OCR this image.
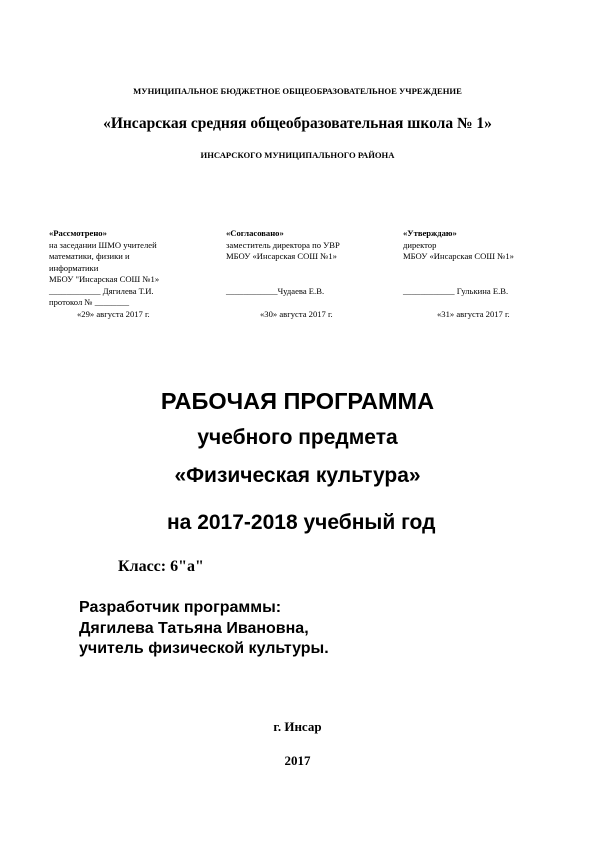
МУНИЦИПАЛЬНОЕ БЮДЖЕТНОЕ ОБЩЕОБРАЗОВАТЕЛЬНОЕ УЧРЕЖДЕНИЕ
«Инсарская средняя общеобразовательная школа № 1»
ИНСАРСКОГО МУНИЦИПАЛЬНОГО РАЙОНА
«Рассмотрено»
на заседании ШМО учителей
математики, физики и
информатики
МБОУ "Инсарская СОШ №1»
____________ Дягилева Т.И.
протокол № ________
«29» августа 2017 г.
«Согласовано»
заместитель директора по УВР
МБОУ «Инсарская СОШ №1»
____________Чудаева Е.В.
«30» августа 2017 г.
«Утверждаю»
директор
МБОУ «Инсарская СОШ №1»
____________ Гулькина Е.В.
«31» августа 2017 г.
РАБОЧАЯ ПРОГРАММА
учебного предмета
«Физическая культура»
на 2017-2018 учебный год
Класс: 6"а"
Разработчик программы:
Дягилева Татьяна Ивановна,
учитель физической культуры.
г. Инсар
2017
